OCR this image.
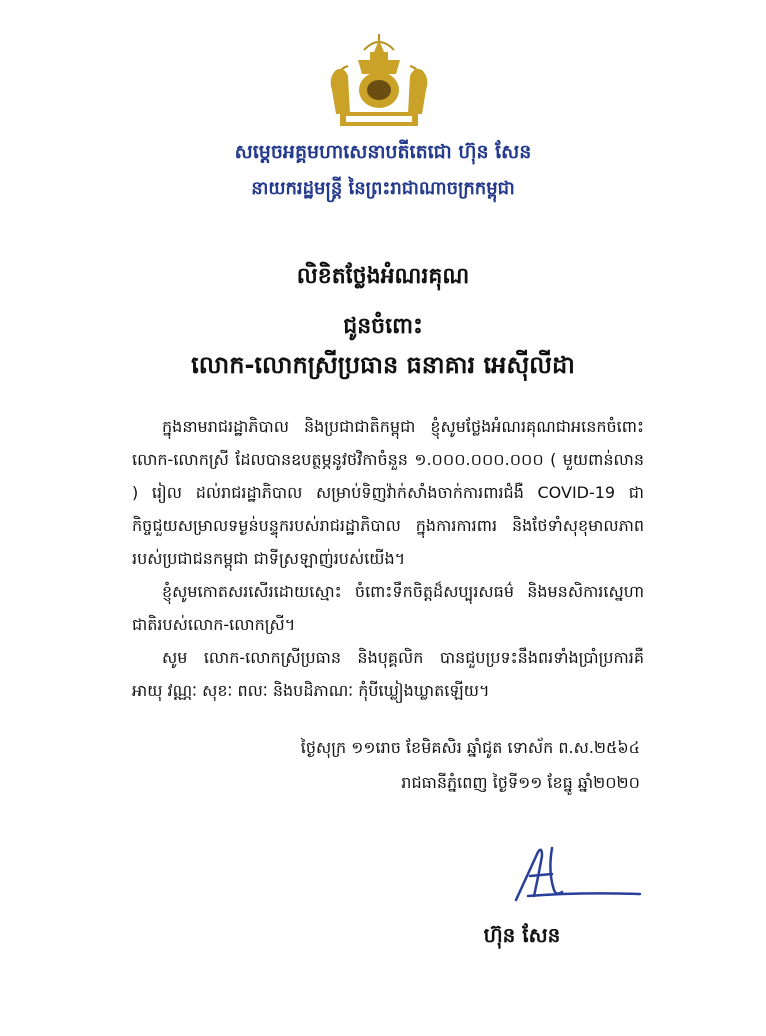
សម្ដេចអគ្គមហាសេនាបតីតេជោ ហ៊ុន សែន
នាយករដ្ឋមន្ត្រី នៃព្រះរាជាណាចក្រកម្ពុជា
លិខិតថ្លែងអំណរគុណ
ជូនចំពោះ
លោក-លោកស្រីប្រធាន ធនាគារ អេស៊ីលីដា

ក្នុងនាមរាជរដ្ឋាភិបាល និងប្រជាជាតិកម្ពុជា ខ្ញុំសូមថ្លែងអំណរគុណជាអនេកចំពោះ លោក-លោកស្រី ដែលបានឧបត្ថម្ភនូវថវិកាចំនួន ១.០០០.០០០.០០០ ( មួយពាន់លាន ) រៀល ដល់រាជរដ្ឋាភិបាល សម្រាប់ទិញវ៉ាក់សាំងចាក់ការពារជំងឺ COVID-19 ជាកិច្ចជួយសម្រាលទម្ងន់បន្ទុករបស់រាជរដ្ឋាភិបាល ក្នុងការការពារ និងថែទាំសុខុមាលភាពរបស់ប្រជាជនកម្ពុជា ជាទីស្រឡាញ់របស់យើង។

ខ្ញុំសូមកោតសរសើរដោយស្មោះ ចំពោះទឹកចិត្តដ៏សប្បុរសធម៌ និងមនសិការស្នេហាជាតិរបស់លោក-លោកស្រី។

សូម លោក-លោកស្រីប្រធាន និងបុគ្គលិក បានជួបប្រទះនឹងពរទាំងប្រាំប្រការគឺ អាយុ វណ្ណៈ សុខៈ ពលៈ និងបដិភាណៈ កុំបីឃ្លៀងឃ្លាតឡើយ។

ថ្ងៃសុក្រ ១១រោច ខែមិគសិរ ឆ្នាំជូត ទោស័ក ព.ស.២៥៦៤
រាជធានីភ្នំពេញ ថ្ងៃទី១១ ខែធ្នូ ឆ្នាំ២០២០
ហ៊ុន សែន
